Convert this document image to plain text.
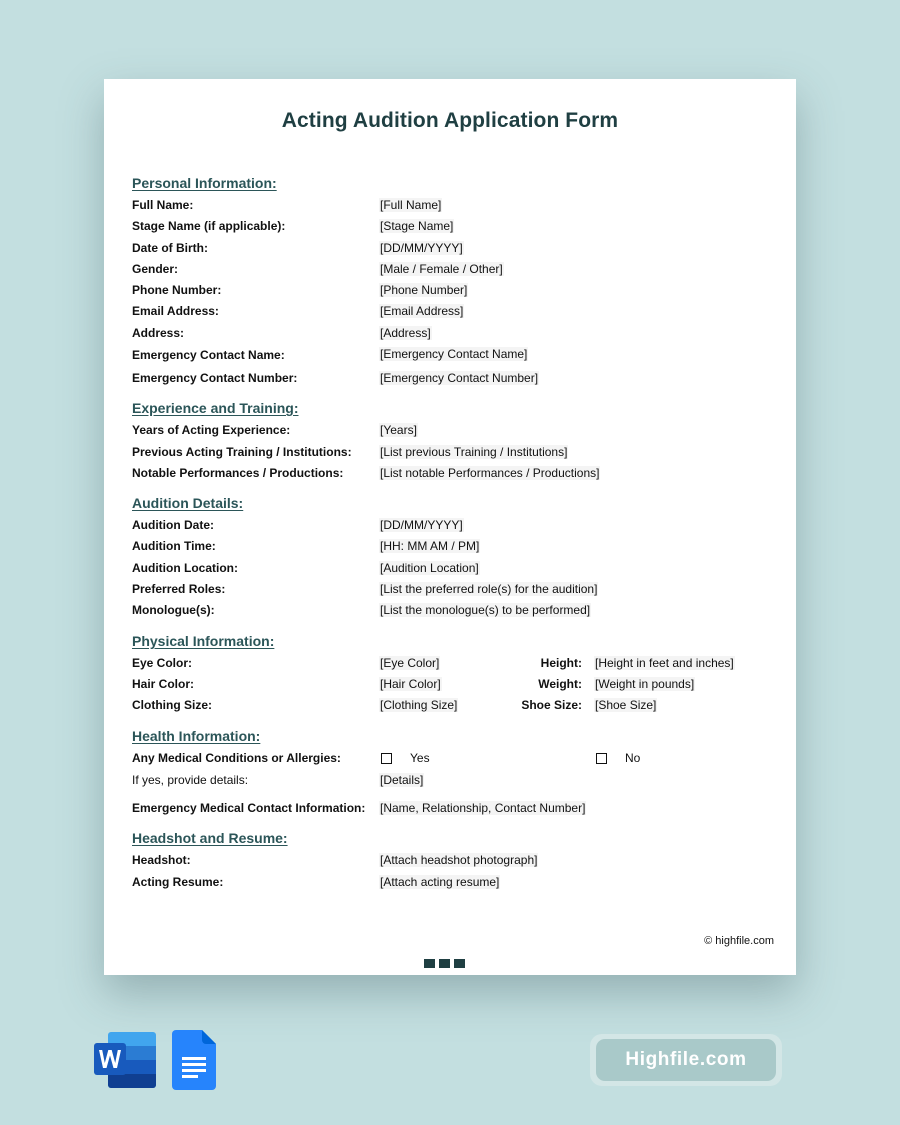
Acting Audition Application Form
Personal Information:
Full Name:	[Full Name]
Stage Name (if applicable):	[Stage Name]
Date of Birth:	[DD/MM/YYYY]
Gender:	[Male / Female / Other]
Phone Number:	[Phone Number]
Email Address:	[Email Address]
Address:	[Address]
Emergency Contact Name:	[Emergency Contact Name]
Emergency Contact Number:	[Emergency Contact Number]
Experience and Training:
Years of Acting Experience:	[Years]
Previous Acting Training / Institutions: [List previous Training / Institutions]
Notable Performances / Productions:	[List notable Performances / Productions]
Audition Details:
Audition Date:	[DD/MM/YYYY]
Audition Time:	[HH: MM AM / PM]
Audition Location:	[Audition Location]
Preferred Roles:	[List the preferred role(s) for the audition]
Monologue(s):	[List the monologue(s) to be performed]
Physical Information:
Eye Color:	[Eye Color]	Height: [Height in feet and inches]
Hair Color:	[Hair Color]	Weight: [Weight in pounds]
Clothing Size:	[Clothing Size]	Shoe Size: [Shoe Size]
Health Information:
Any Medical Conditions or Allergies:	Yes	No
If yes, provide details:	[Details]
Emergency Medical Contact Information: [Name, Relationship, Contact Number]
Headshot and Resume:
Headshot:	[Attach headshot photograph]
Acting Resume:	[Attach acting resume]
© highfile.com
Highfile.com
